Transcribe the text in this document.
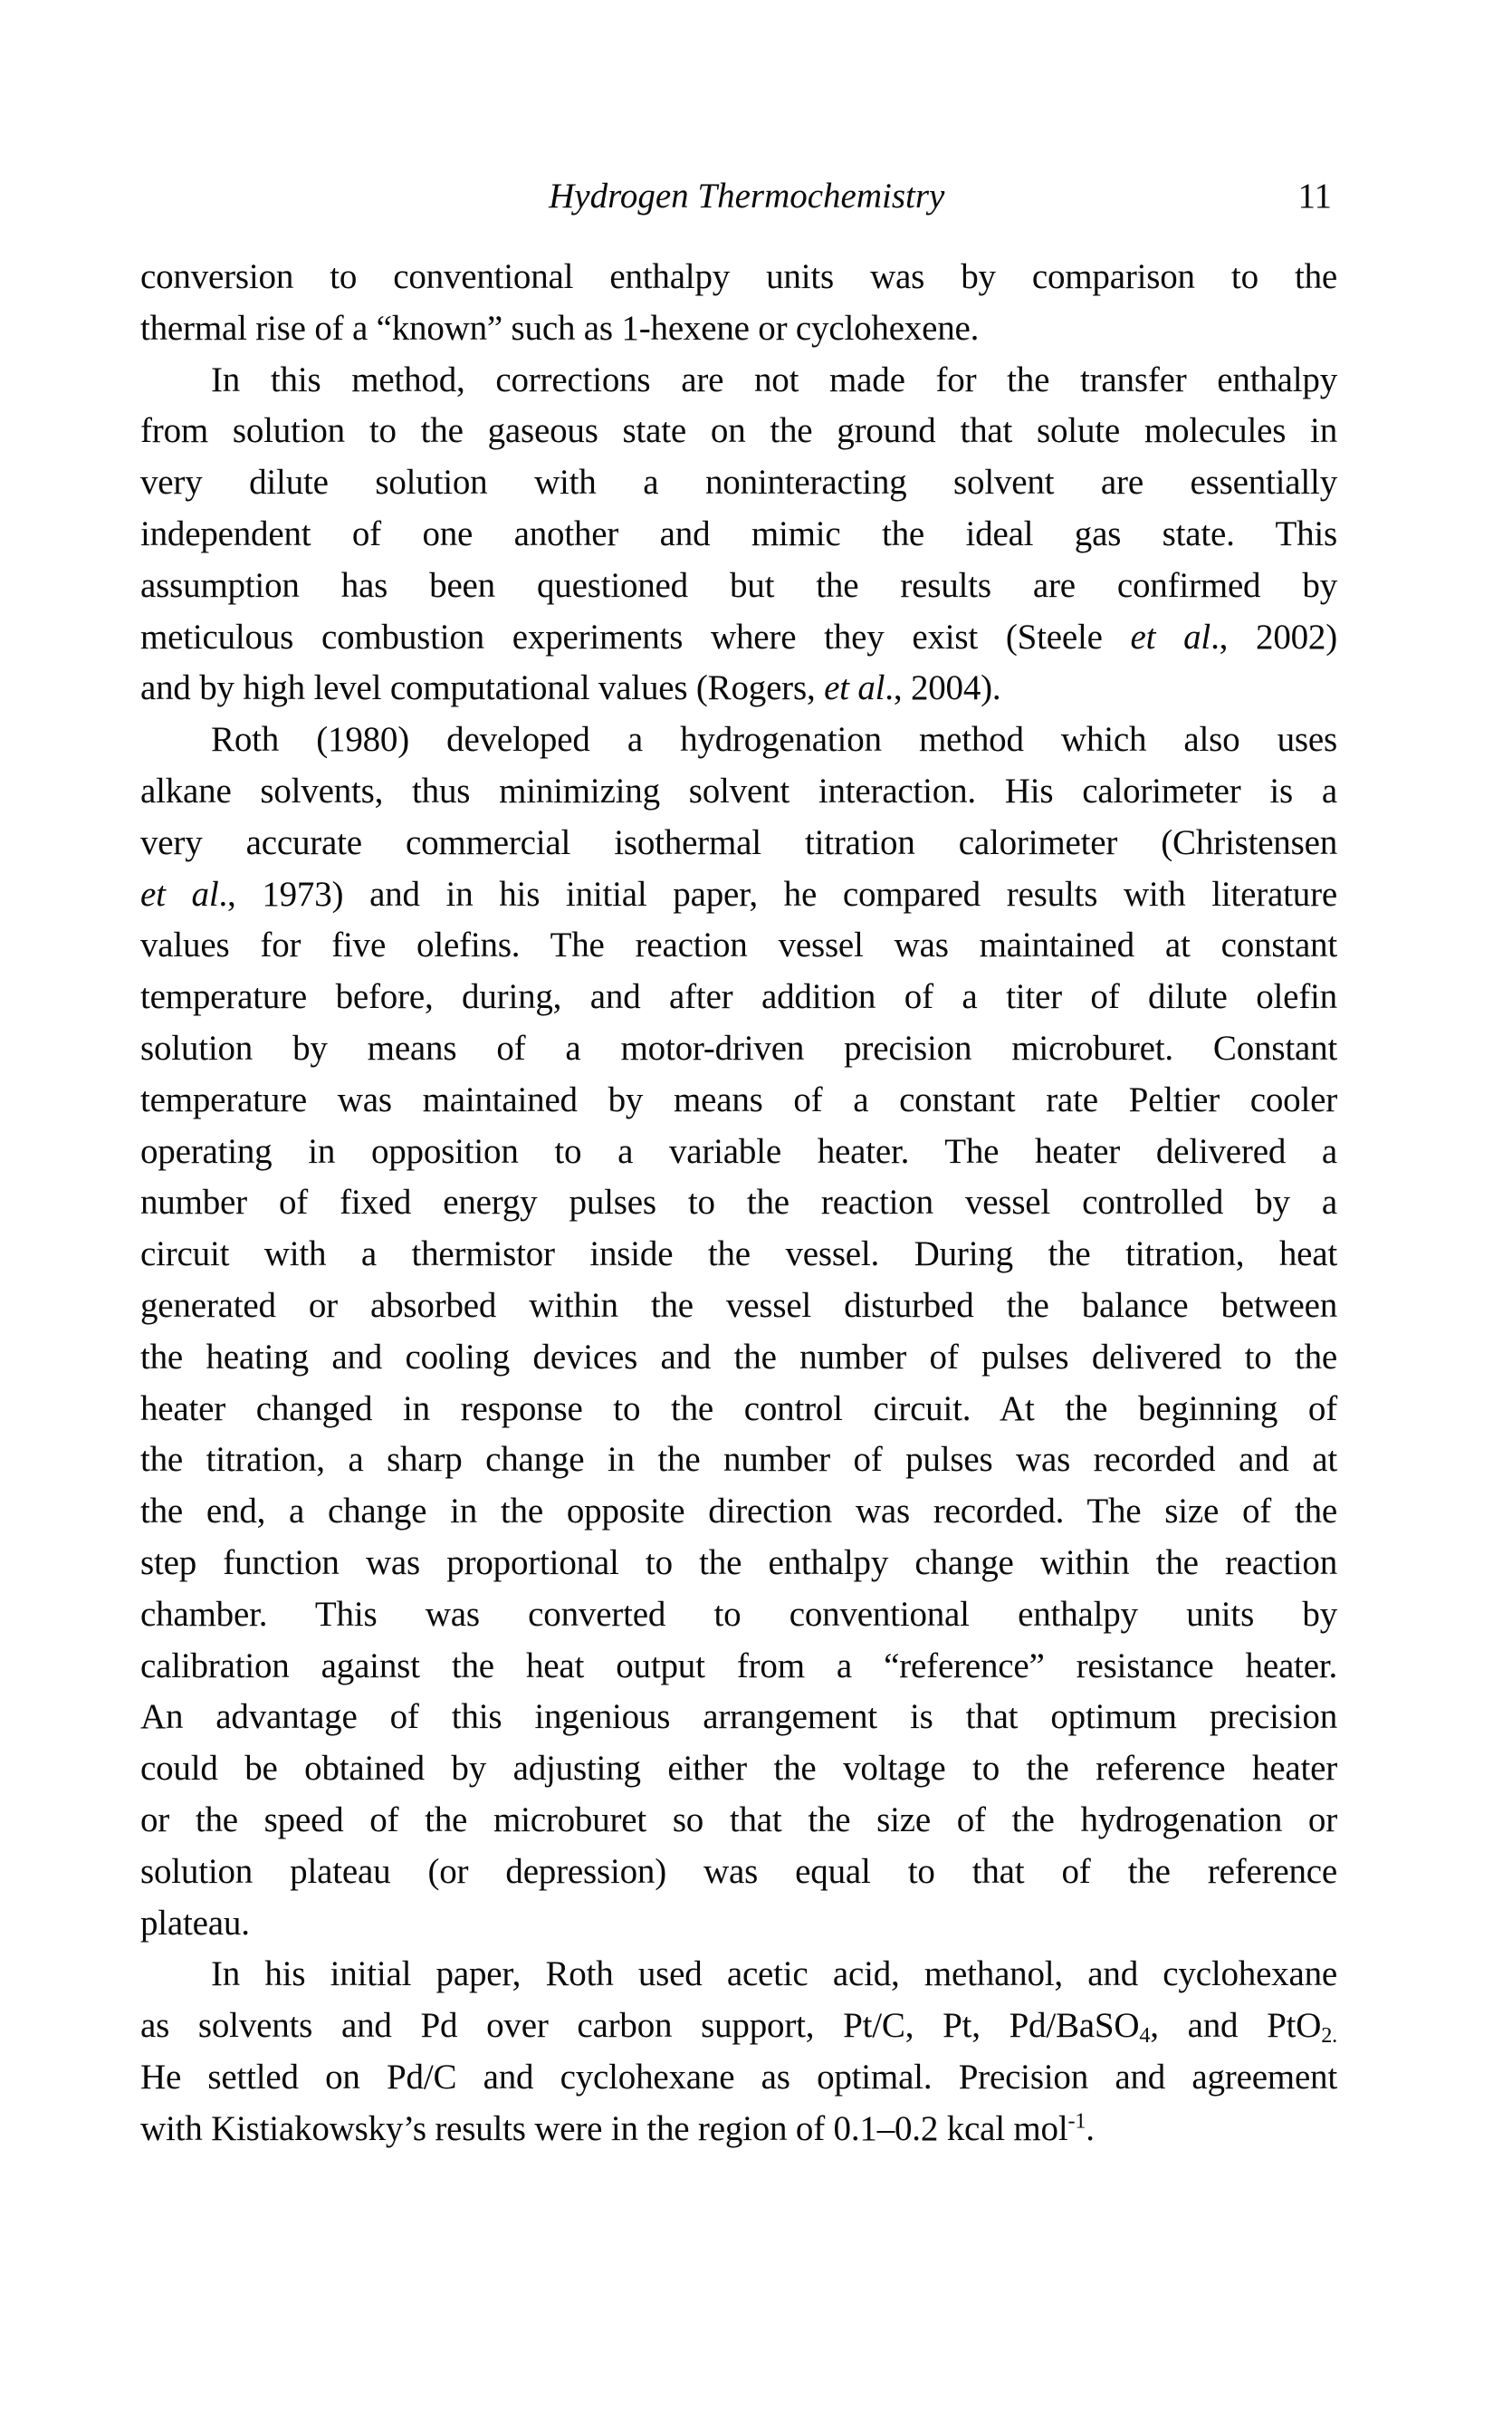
Hydrogen Thermochemistry	11
conversion to conventional enthalpy units was by comparison to the
thermal rise of a “known” such as 1-hexene or cyclohexene.
In this method, corrections are not made for the transfer enthalpy
from solution to the gaseous state on the ground that solute molecules in
very dilute solution with a noninteracting solvent are essentially
independent of one another and mimic the ideal gas state. This
assumption has been questioned but the results are confirmed by
meticulous combustion experiments where they exist (Steele et al., 2002)
and by high level computational values (Rogers, et al., 2004).
Roth (1980) developed a hydrogenation method which also uses
alkane solvents, thus minimizing solvent interaction. His calorimeter is a
very accurate commercial isothermal titration calorimeter (Christensen
et al., 1973) and in his initial paper, he compared results with literature
values for five olefins. The reaction vessel was maintained at constant
temperature before, during, and after addition of a titer of dilute olefin
solution by means of a motor-driven precision microburet. Constant
temperature was maintained by means of a constant rate Peltier cooler
operating in opposition to a variable heater. The heater delivered a
number of fixed energy pulses to the reaction vessel controlled by a
circuit with a thermistor inside the vessel. During the titration, heat
generated or absorbed within the vessel disturbed the balance between
the heating and cooling devices and the number of pulses delivered to the
heater changed in response to the control circuit. At the beginning of
the titration, a sharp change in the number of pulses was recorded and at
the end, a change in the opposite direction was recorded. The size of the
step function was proportional to the enthalpy change within the reaction
chamber. This was converted to conventional enthalpy units by
calibration against the heat output from a “reference” resistance heater.
An advantage of this ingenious arrangement is that optimum precision
could be obtained by adjusting either the voltage to the reference heater
or the speed of the microburet so that the size of the hydrogenation or
solution plateau (or depression) was equal to that of the reference
plateau.
In his initial paper, Roth used acetic acid, methanol, and cyclohexane
as solvents and Pd over carbon support, Pt/C, Pt, Pd/BaSO$_4$, and PtO$_{2.}$
He settled on Pd/C and cyclohexane as optimal. Precision and agreement
with Kistiakowsky’s results were in the region of 0.1–0.2 kcal mol$^{-1}$.
